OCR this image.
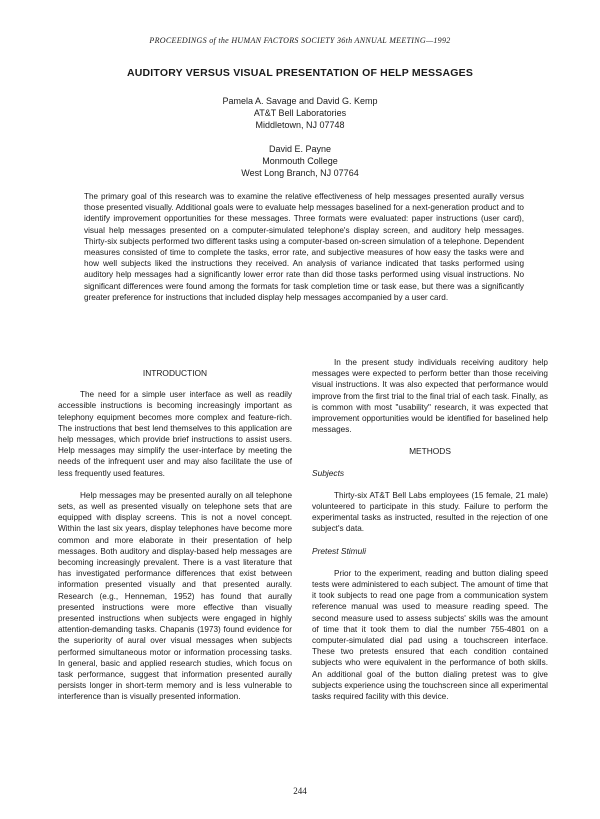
PROCEEDINGS of the HUMAN FACTORS SOCIETY 36th ANNUAL MEETING—1992
AUDITORY VERSUS VISUAL PRESENTATION OF HELP MESSAGES
Pamela A. Savage and David G. Kemp
AT&T Bell Laboratories
Middletown, NJ 07748
David E. Payne
Monmouth College
West Long Branch, NJ 07764

The primary goal of this research was to examine the relative effectiveness of help messages presented aurally versus those presented visually. Additional goals were to evaluate help messages baselined for a next-generation product and to identify improvement opportunities for these messages. Three formats were evaluated: paper instructions (user card), visual help messages presented on a computer-simulated telephone's display screen, and auditory help messages. Thirty-six subjects performed two different tasks using a computer-based on-screen simulation of a telephone. Dependent measures consisted of time to complete the tasks, error rate, and subjective measures of how easy the tasks were and how well subjects liked the instructions they received. An analysis of variance indicated that tasks performed using auditory help messages had a significantly lower error rate than did those tasks performed using visual instructions. No significant differences were found among the formats for task completion time or task ease, but there was a significantly greater preference for instructions that included display help messages accompanied by a user card.

INTRODUCTION

The need for a simple user interface as well as readily accessible instructions is becoming increasingly important as telephony equipment becomes more complex and feature-rich. The instructions that best lend themselves to this application are help messages, which provide brief instructions to assist users. Help messages may simplify the user-interface by meeting the needs of the infrequent user and may also facilitate the use of less frequently used features.

Help messages may be presented aurally on all telephone sets, as well as presented visually on telephone sets that are equipped with display screens. This is not a novel concept. Within the last six years, display telephones have become more common and more elaborate in their presentation of help messages. Both auditory and display-based help messages are becoming increasingly prevalent. There is a vast literature that has investigated performance differences that exist between information presented visually and that presented aurally. Research (e.g., Henneman, 1952) has found that aurally presented instructions were more effective than visually presented instructions when subjects were engaged in highly attention-demanding tasks. Chapanis (1973) found evidence for the superiority of aural over visual messages when subjects performed simultaneous motor or information processing tasks. In general, basic and applied research studies, which focus on task performance, suggest that information presented aurally persists longer in short-term memory and is less vulnerable to interference than is visually presented information.

In the present study individuals receiving auditory help messages were expected to perform better than those receiving visual instructions. It was also expected that performance would improve from the first trial to the final trial of each task. Finally, as is common with most "usability" research, it was expected that improvement opportunities would be identified for baselined help messages.

METHODS
Subjects

Thirty-six AT&T Bell Labs employees (15 female, 21 male) volunteered to participate in this study. Failure to perform the experimental tasks as instructed, resulted in the rejection of one subject's data.

Pretest Stimuli

Prior to the experiment, reading and button dialing speed tests were administered to each subject. The amount of time that it took subjects to read one page from a communication system reference manual was used to measure reading speed. The second measure used to assess subjects' skills was the amount of time that it took them to dial the number 755-4801 on a computer-simulated dial pad using a touchscreen interface. These two pretests ensured that each condition contained subjects who were equivalent in the performance of both skills. An additional goal of the button dialing pretest was to give subjects experience using the touchscreen since all experimental tasks required facility with this device.

244
